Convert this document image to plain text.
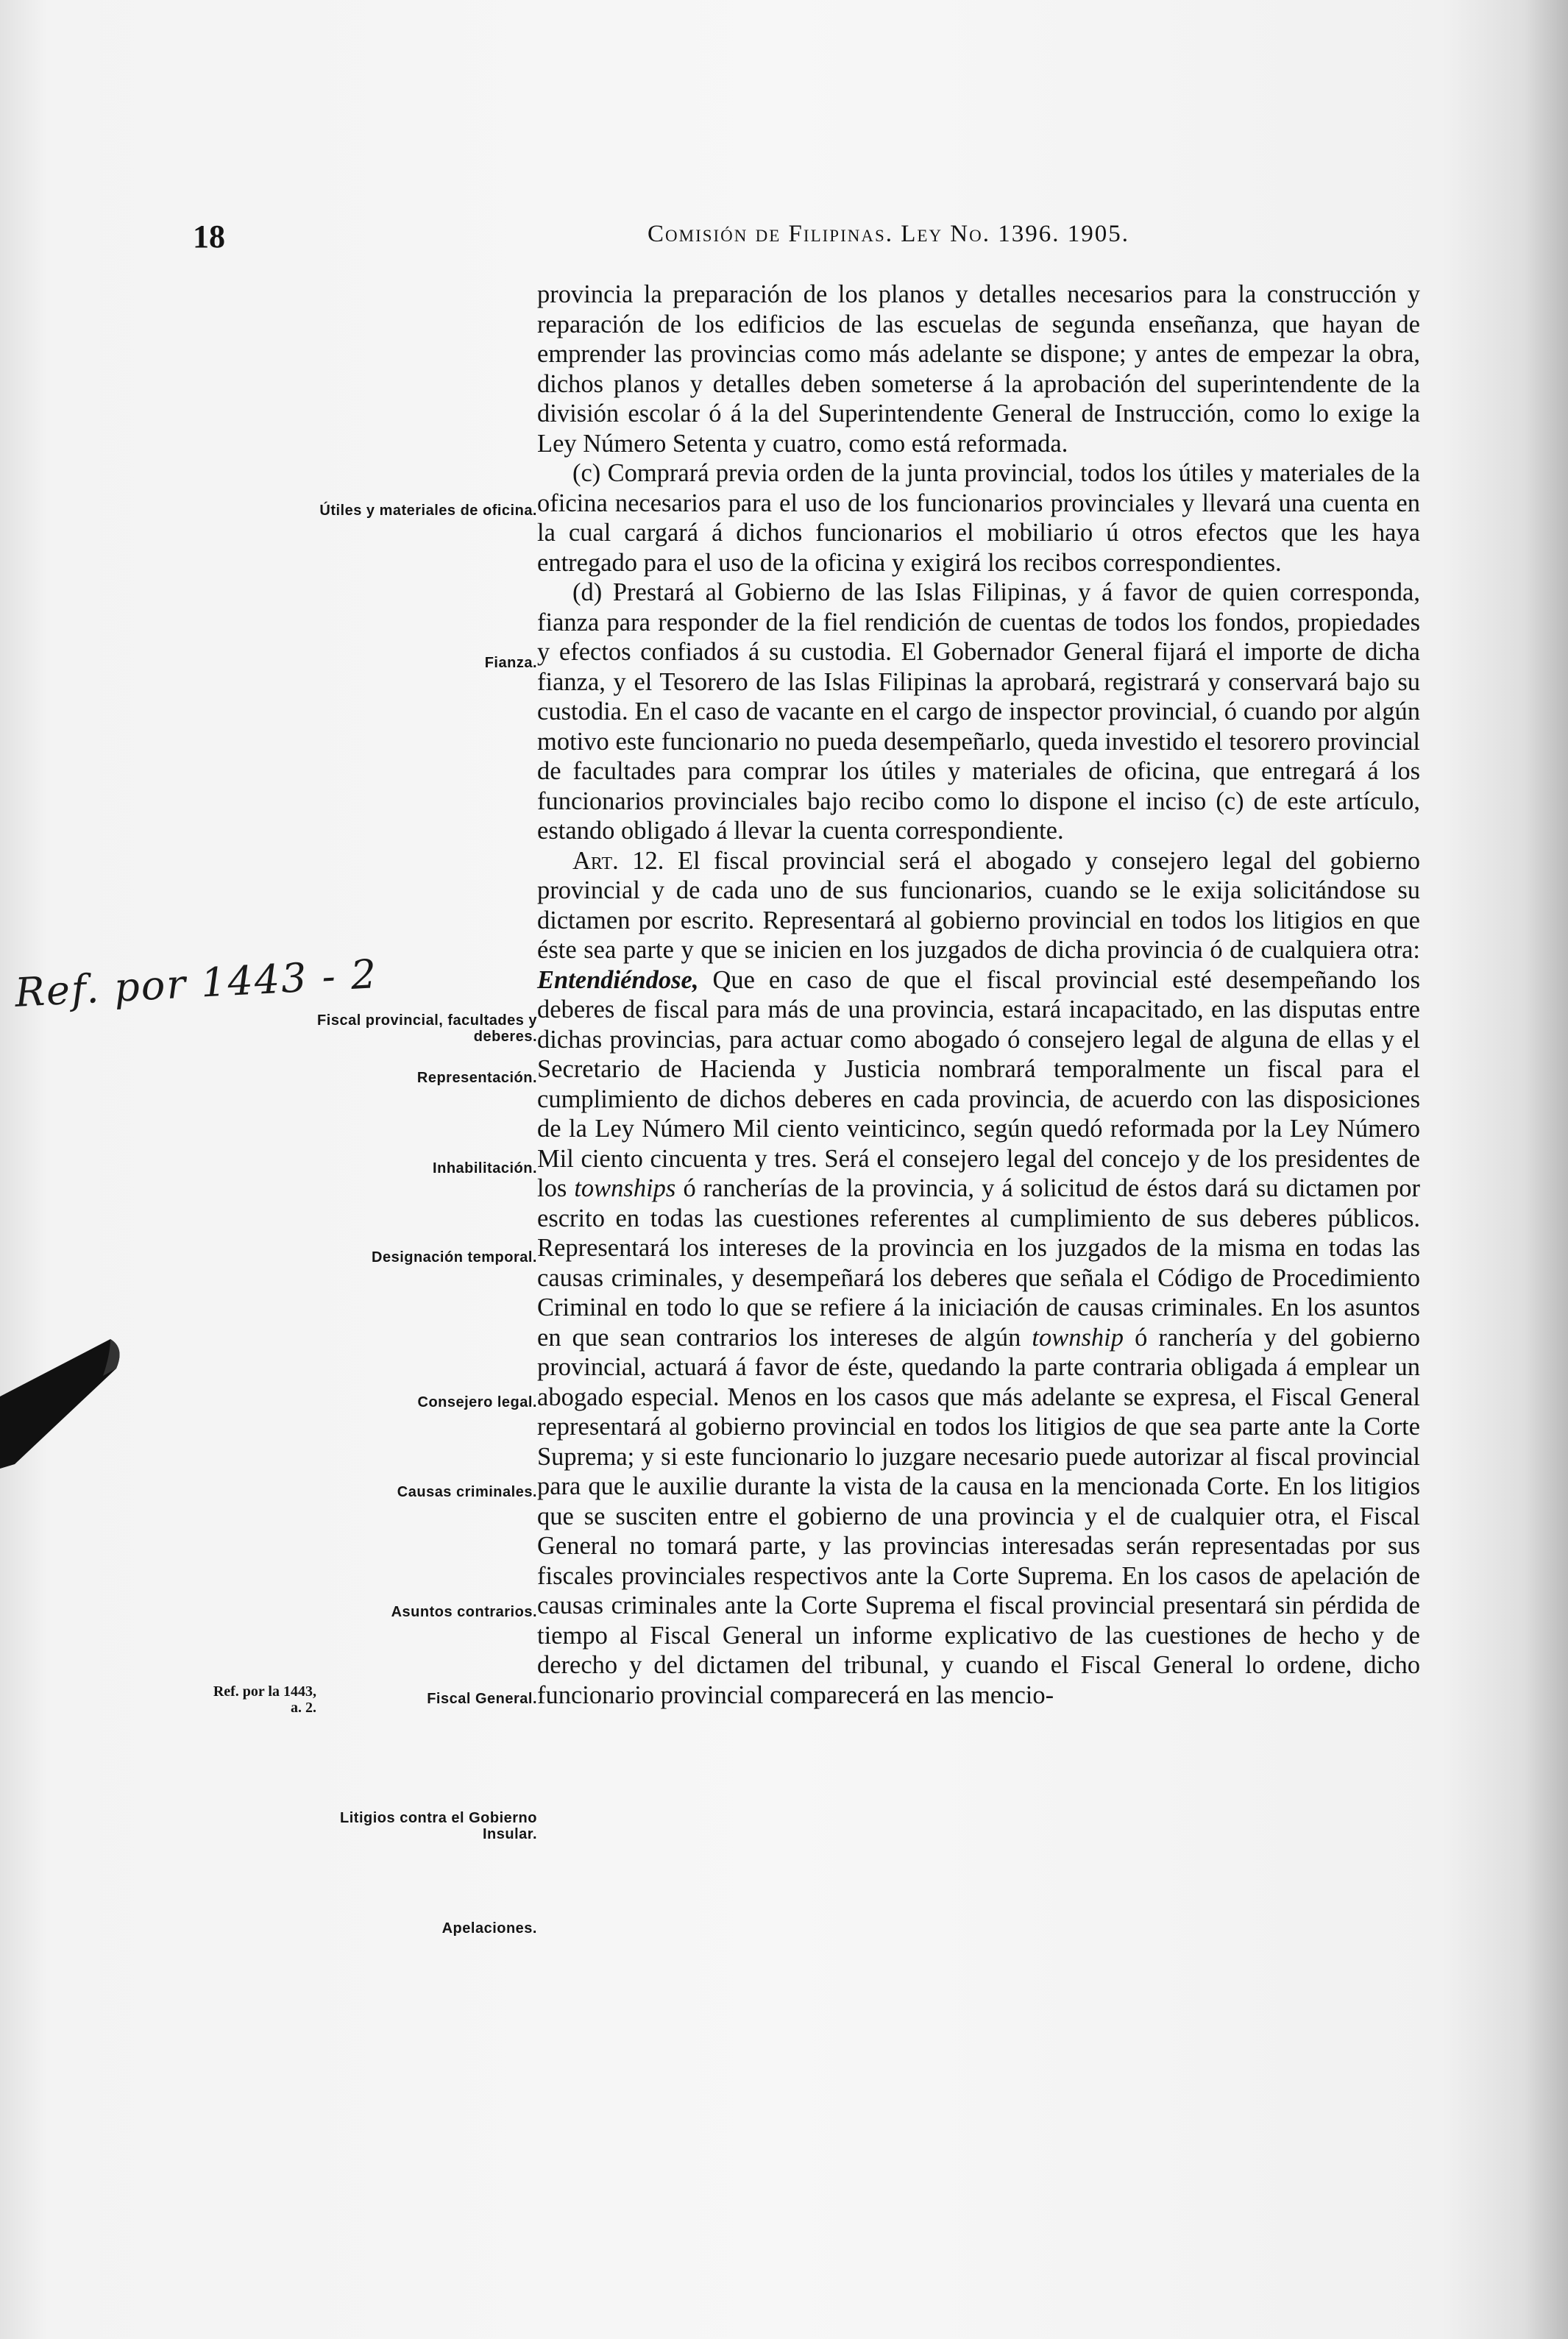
18	Comisión de Filipinas. Ley No. 1396. 1905.
Ref. por 1443 - 2
Útiles y materiales de oficina.
Fianza.
Fiscal provincial, facultades y deberes.
Representación.
Inhabilitación.
Designación temporal.
Consejero legal.
Causas criminales.
Asuntos contrarios.
Fiscal General.
Litigios contra el Gobierno Insular.
Apelaciones.
Ref. por la 1443, a. 2.

provincia la preparación de los planos y detalles necesarios para la construcción y reparación de los edificios de las escuelas de segunda enseñanza, que hayan de emprender las provincias como más adelante se dispone; y antes de empezar la obra, dichos planos y detalles deben someterse á la aprobación del superintendente de la división escolar ó á la del Superintendente General de Instrucción, como lo exige la Ley Número Setenta y cuatro, como está reformada.

(c) Comprará previa orden de la junta provincial, todos los útiles y materiales de la oficina necesarios para el uso de los funcionarios provinciales y llevará una cuenta en la cual cargará á dichos funcionarios el mobiliario ú otros efectos que les haya entregado para el uso de la oficina y exigirá los recibos correspondientes.

(d) Prestará al Gobierno de las Islas Filipinas, y á favor de quien corresponda, fianza para responder de la fiel rendición de cuentas de todos los fondos, propiedades y efectos confiados á su custodia. El Gobernador General fijará el importe de dicha fianza, y el Tesorero de las Islas Filipinas la aprobará, registrará y conservará bajo su custodia. En el caso de vacante en el cargo de inspector provincial, ó cuando por algún motivo este funcionario no pueda desempeñarlo, queda investido el tesorero provincial de facultades para comprar los útiles y materiales de oficina, que entregará á los funcionarios provinciales bajo recibo como lo dispone el inciso (c) de este artículo, estando obligado á llevar la cuenta correspondiente.

Art. 12. El fiscal provincial será el abogado y consejero legal del gobierno provincial y de cada uno de sus funcionarios, cuando se le exija solicitándose su dictamen por escrito. Representará al gobierno provincial en todos los litigios en que éste sea parte y que se inicien en los juzgados de dicha provincia ó de cualquiera otra: Entendiéndose, Que en caso de que el fiscal provincial esté desempeñando los deberes de fiscal para más de una provincia, estará incapacitado, en las disputas entre dichas provincias, para actuar como abogado ó consejero legal de alguna de ellas y el Secretario de Hacienda y Justicia nombrará temporalmente un fiscal para el cumplimiento de dichos deberes en cada provincia, de acuerdo con las disposiciones de la Ley Número Mil ciento veinticinco, según quedó reformada por la Ley Número Mil ciento cincuenta y tres. Será el consejero legal del concejo y de los presidentes de los townships ó rancherías de la provincia, y á solicitud de éstos dará su dictamen por escrito en todas las cuestiones referentes al cumplimiento de sus deberes públicos. Representará los intereses de la provincia en los juzgados de la misma en todas las causas criminales, y desempeñará los deberes que señala el Código de Procedimiento Criminal en todo lo que se refiere á la iniciación de causas criminales. En los asuntos en que sean contrarios los intereses de algún township ó ranchería y del gobierno provincial, actuará á favor de éste, quedando la parte contraria obligada á emplear un abogado especial. Menos en los casos que más adelante se expresa, el Fiscal General representará al gobierno provincial en todos los litigios de que sea parte ante la Corte Suprema; y si este funcionario lo juzgare necesario puede autorizar al fiscal provincial para que le auxilie durante la vista de la causa en la mencionada Corte. En los litigios que se susciten entre el gobierno de una provincia y el de cualquier otra, el Fiscal General no tomará parte, y las provincias interesadas serán representadas por sus fiscales provinciales respectivos ante la Corte Suprema. En los casos de apelación de causas criminales ante la Corte Suprema el fiscal provincial presentará sin pérdida de tiempo al Fiscal General un informe explicativo de las cuestiones de hecho y de derecho y del dictamen del tribunal, y cuando el Fiscal General lo ordene, dicho funcionario provincial comparecerá en las mencio-
